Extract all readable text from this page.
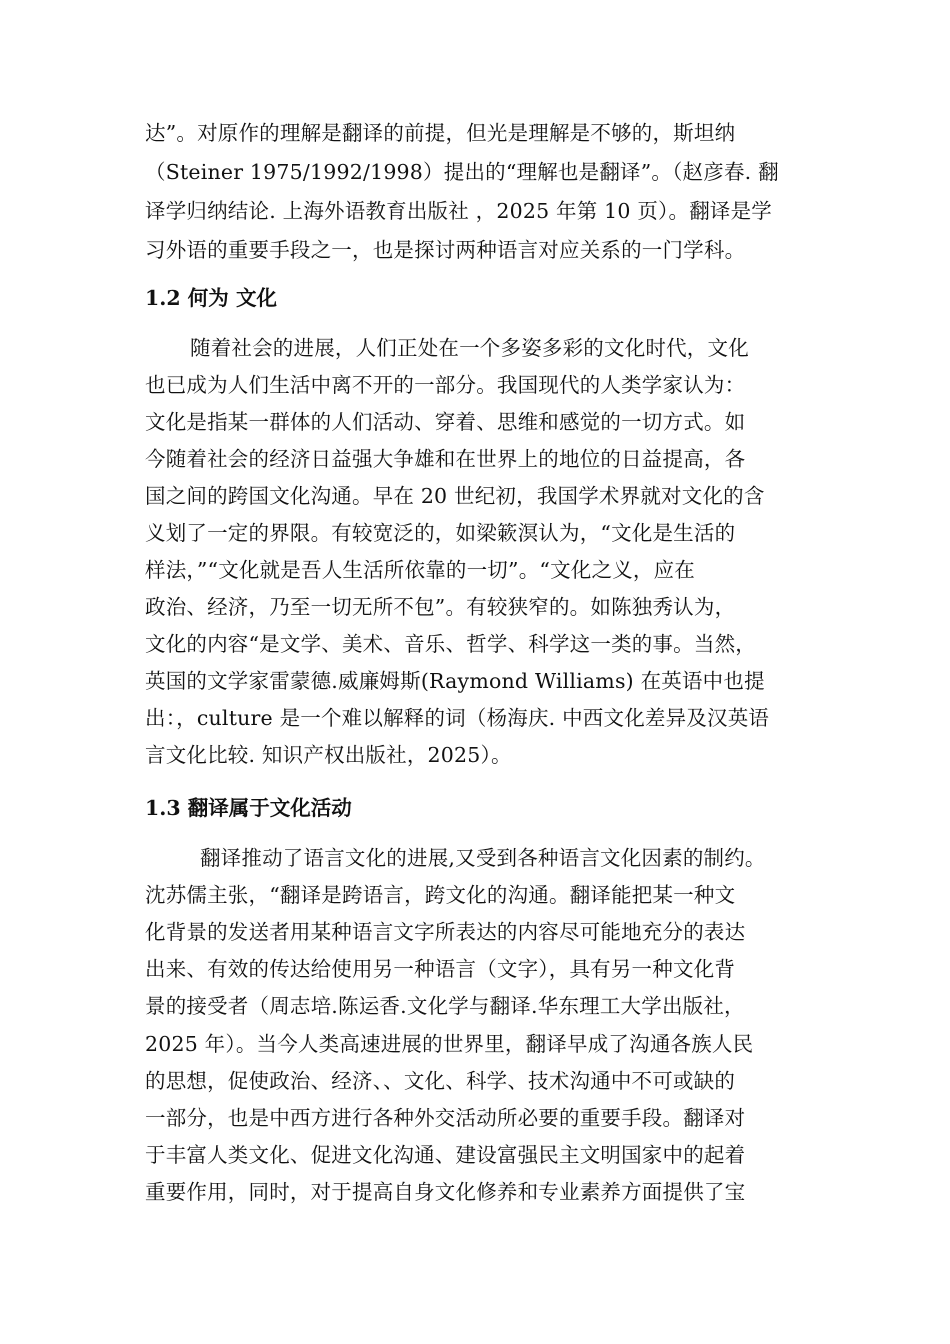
达”。对原作的理解是翻译的前提，但光是理解是不够的，斯坦纳
（Steiner 1975/1992/1998）提出的“理解也是翻译”。（赵彦春. 翻
译学归纳结论. 上海外语教育出版社 ，2025 年第 10 页）。翻译是学
习外语的重要手段之一，也是探讨两种语言对应关系的一门学科。
1.2 何为 文化
随着社会的进展，人们正处在一个多姿多彩的文化时代，文化
也已成为人们生活中离不开的一部分。我国现代的人类学家认为：
文化是指某一群体的人们活动、穿着、思维和感觉的一切方式。如
今随着社会的经济日益强大争雄和在世界上的地位的日益提高，各
国之间的跨国文化沟通。早在 20 世纪初，我国学术界就对文化的含
义划了一定的界限。有较宽泛的，如梁簌溟认为，“文化是生活的
样法，”“文化就是吾人生活所依靠的一切”。“文化之义，应在
政治、经济，乃至一切无所不包”。有较狭窄的。如陈独秀认为，
文化的内容“是文学、美术、音乐、哲学、科学这一类的事。当然，
英国的文学家雷蒙德.威廉姆斯(Raymond Williams) 在英语中也提
出：，culture 是一个难以解释的词（杨海庆. 中西文化差异及汉英语
言文化比较. 知识产权出版社，2025）。
1.3 翻译属于文化活动
翻译推动了语言文化的进展,又受到各种语言文化因素的制约。
沈苏儒主张，“翻译是跨语言，跨文化的沟通。翻译能把某一种文
化背景的发送者用某种语言文字所表达的内容尽可能地充分的表达
出来、有效的传达给使用另一种语言（文字），具有另一种文化背
景的接受者（周志培.陈运香.文化学与翻译.华东理工大学出版社，
2025 年）。当今人类高速进展的世界里，翻译早成了沟通各族人民
的思想，促使政治、经济、、文化、科学、技术沟通中不可或缺的
一部分，也是中西方进行各种外交活动所必要的重要手段。翻译对
于丰富人类文化、促进文化沟通、建设富强民主文明国家中的起着
重要作用，同时，对于提高自身文化修养和专业素养方面提供了宝
